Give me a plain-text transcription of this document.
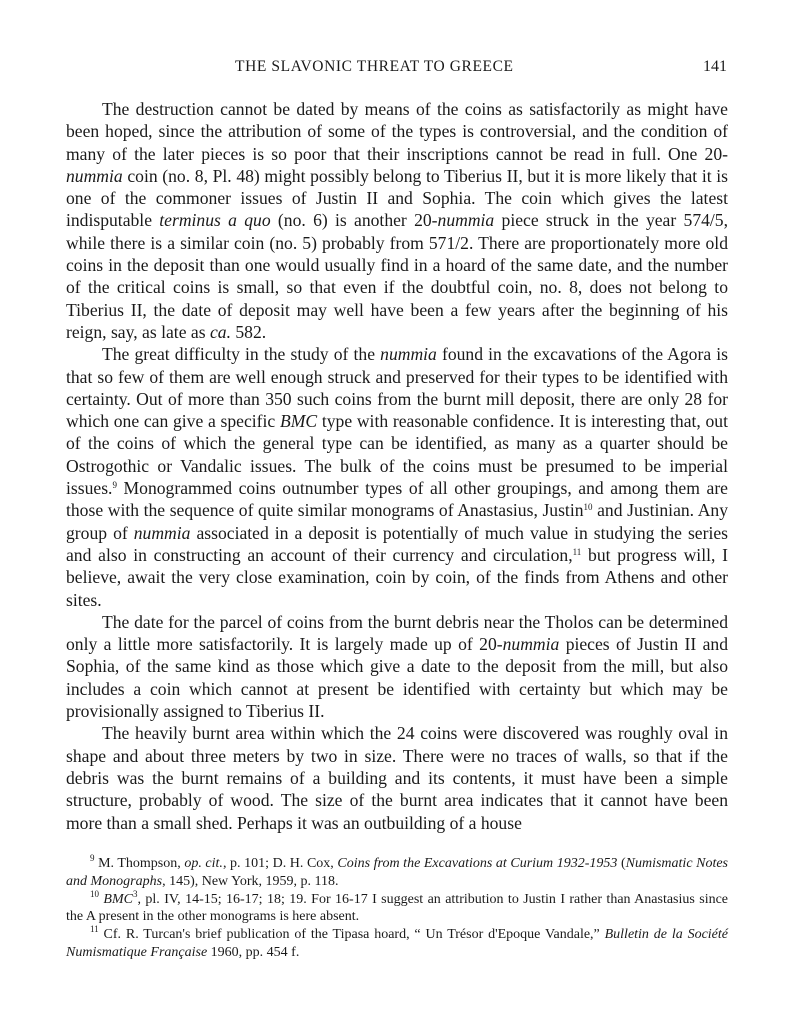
THE SLAVONIC THREAT TO GREECE	141

The destruction cannot be dated by means of the coins as satisfactorily as might have been hoped, since the attribution of some of the types is controversial, and the condition of many of the later pieces is so poor that their inscriptions cannot be read in full. One 20-nummia coin (no. 8, Pl. 48) might possibly belong to Tiberius II, but it is more likely that it is one of the commoner issues of Justin II and Sophia. The coin which gives the latest indisputable terminus a quo (no. 6) is another 20-nummia piece struck in the year 574/5, while there is a similar coin (no. 5) probably from 571/2. There are proportionately more old coins in the deposit than one would usually find in a hoard of the same date, and the number of the critical coins is small, so that even if the doubtful coin, no. 8, does not belong to Tiberius II, the date of deposit may well have been a few years after the beginning of his reign, say, as late as ca. 582.

The great difficulty in the study of the nummia found in the excavations of the Agora is that so few of them are well enough struck and preserved for their types to be identified with certainty. Out of more than 350 such coins from the burnt mill deposit, there are only 28 for which one can give a specific BMC type with reasonable confidence. It is interesting that, out of the coins of which the general type can be identified, as many as a quarter should be Ostrogothic or Vandalic issues. The bulk of the coins must be presumed to be imperial issues.$^9$ Monogrammed coins outnumber types of all other groupings, and among them are those with the sequence of quite similar monograms of Anastasius, Justin$^{10}$ and Justinian. Any group of nummia associated in a deposit is potentially of much value in studying the series and also in constructing an account of their currency and circulation,$^{11}$ but progress will, I believe, await the very close examination, coin by coin, of the finds from Athens and other sites.

The date for the parcel of coins from the burnt debris near the Tholos can be determined only a little more satisfactorily. It is largely made up of 20-nummia pieces of Justin II and Sophia, of the same kind as those which give a date to the deposit from the mill, but also includes a coin which cannot at present be identified with certainty but which may be provisionally assigned to Tiberius II.

The heavily burnt area within which the 24 coins were discovered was roughly oval in shape and about three meters by two in size. There were no traces of walls, so that if the debris was the burnt remains of a building and its contents, it must have been a simple structure, probably of wood. The size of the burnt area indicates that it cannot have been more than a small shed. Perhaps it was an outbuilding of a house

$^9$ M. Thompson, op. cit., p. 101; D. H. Cox, Coins from the Excavations at Curium 1932-1953 (Numismatic Notes and Monographs, 145), New York, 1959, p. 118.

$^{10}$ BMC$^3$, pl. IV, 14-15; 16-17; 18; 19. For 16-17 I suggest an attribution to Justin I rather than Anastasius since the A present in the other monograms is here absent.

$^{11}$ Cf. R. Turcan's brief publication of the Tipasa hoard, “ Un Trésor d'Epoque Vandale,” Bulletin de la Société Numismatique Française 1960, pp. 454 f.
